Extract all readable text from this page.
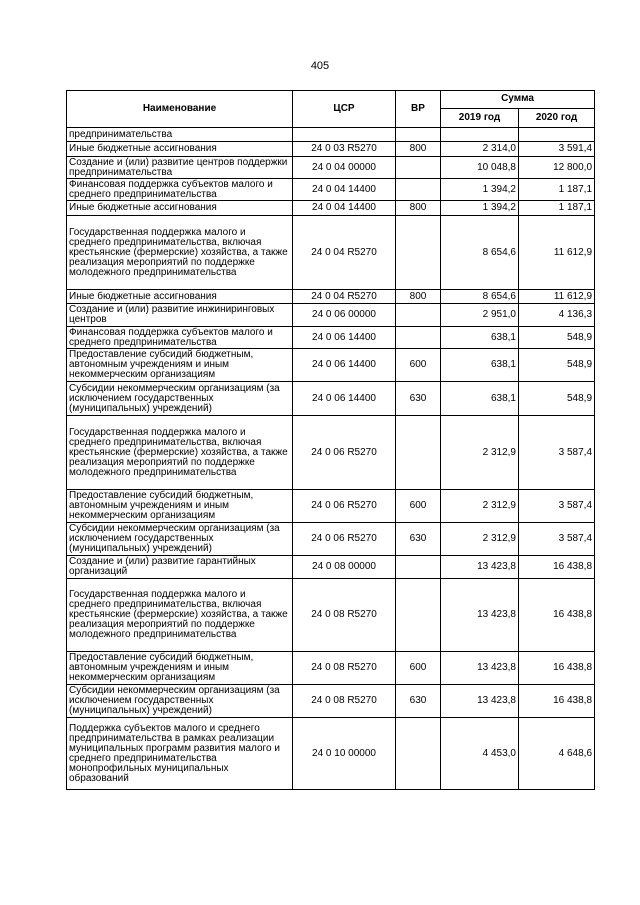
405
Наименование	ЦСР	ВР	Сумма	
			2019 год	2020 год
предпринимательства				
Иные бюджетные ассигнования	24 0 03 R5270	800	2 314,0	3 591,4
Создание и (или) развитие центров поддержки предпринимательства	24 0 04 00000		10 048,8	12 800,0
Финансовая поддержка субъектов малого и среднего предпринимательства	24 0 04 14400		1 394,2	1 187,1
Иные бюджетные ассигнования	24 0 04 14400	800	1 394,2	1 187,1
Государственная поддержка малого и среднего предпринимательства, включая крестьянские (фермерские) хозяйства, а также реализация мероприятий по поддержке молодежного предпринимательства	24 0 04 R5270		8 654,6	11 612,9
Иные бюджетные ассигнования	24 0 04 R5270	800	8 654,6	11 612,9
Создание и (или) развитие инжиниринговых центров	24 0 06 00000		2 951,0	4 136,3
Финансовая поддержка субъектов малого и среднего предпринимательства	24 0 06 14400		638,1	548,9
Предоставление субсидий бюджетным, автономным учреждениям и иным некоммерческим организациям	24 0 06 14400	600	638,1	548,9
Субсидии некоммерческим организациям (за исключением государственных (муниципальных) учреждений)	24 0 06 14400	630	638,1	548,9
Государственная поддержка малого и среднего предпринимательства, включая крестьянские (фермерские) хозяйства, а также реализация мероприятий по поддержке молодежного предпринимательства	24 0 06 R5270		2 312,9	3 587,4
Предоставление субсидий бюджетным, автономным учреждениям и иным некоммерческим организациям	24 0 06 R5270	600	2 312,9	3 587,4
Субсидии некоммерческим организациям (за исключением государственных (муниципальных) учреждений)	24 0 06 R5270	630	2 312,9	3 587,4
Создание и (или) развитие гарантийных организаций	24 0 08 00000		13 423,8	16 438,8
Государственная поддержка малого и среднего предпринимательства, включая крестьянские (фермерские) хозяйства, а также реализация мероприятий по поддержке молодежного предпринимательства	24 0 08 R5270		13 423,8	16 438,8
Предоставление субсидий бюджетным, автономным учреждениям и иным некоммерческим организациям	24 0 08 R5270	600	13 423,8	16 438,8
Субсидии некоммерческим организациям (за исключением государственных (муниципальных) учреждений)	24 0 08 R5270	630	13 423,8	16 438,8
Поддержка субъектов малого и среднего предпринимательства в рамках реализации муниципальных программ развития малого и среднего предпринимательства монопрофильных муниципальных образований	24 0 10 00000		4 453,0	4 648,6
